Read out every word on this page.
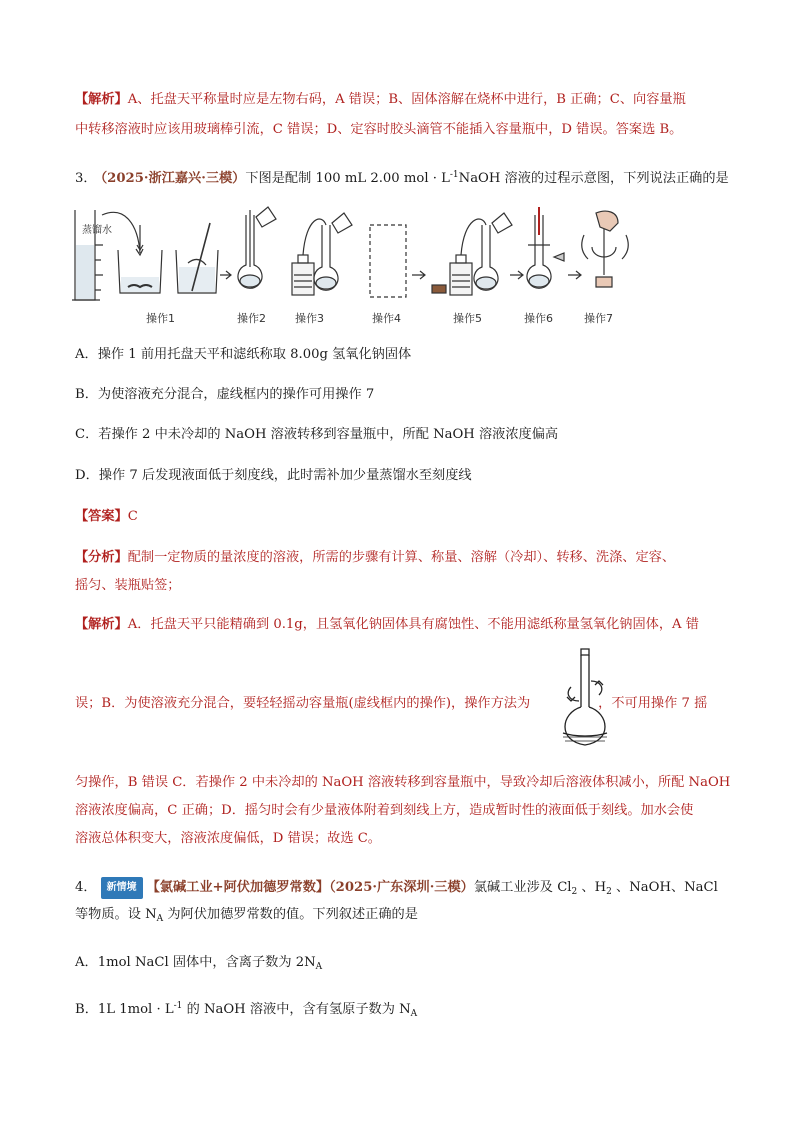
【解析】A、托盘天平称量时应是左物右码，A 错误；B、固体溶解在烧杯中进行，B 正确；C、向容量瓶
中转移溶液时应该用玻璃棒引流，C 错误；D、定容时胶头滴管不能插入容量瓶中，D 错误。答案选 B。
3． （2025·浙江嘉兴·三模）下图是配制 100 mL 2.00 mol · $L^{-1}NaOH$ 溶液的过程示意图，下列说法正确的是
蒸馏水
操作1	操作2	操作3	操作4	操作5	操作6	操作7
A．操作 1 前用托盘天平和滤纸称取 8.00g 氢氧化钠固体
B．为使溶液充分混合，虚线框内的操作可用操作 7
C．若操作 2 中未冷却的 NaOH 溶液转移到容量瓶中，所配 NaOH 溶液浓度偏高
D．操作 7 后发现液面低于刻度线，此时需补加少量蒸馏水至刻度线
【答案】C
【分析】配制一定物质的量浓度的溶液，所需的步骤有计算、称量、溶解（冷却）、转移、洗涤、定容、
摇匀、装瓶贴签；
【解析】A．托盘天平只能精确到 0.1g，且氢氧化钠固体具有腐蚀性、不能用滤纸称量氢氧化钠固体，A 错
误；B．为使溶液充分混合，要轻轻摇动容量瓶(虚线框内的操作)，操作方法为	，不可用操作 7 摇
匀操作，B 错误 C．若操作 2 中未冷却的 NaOH 溶液转移到容量瓶中，导致冷却后溶液体积减小，所配 NaOH
溶液浓度偏高，C 正确；D．摇匀时会有少量液体附着到刻线上方，造成暂时性的液面低于刻线。加水会使
溶液总体积变大，溶液浓度偏低，D 错误；故选 C。
4． 新情境 【氯碱工业+阿伏加德罗常数】（2025·广东深圳·三模）氯碱工业涉及 $Cl_2$ 、$H_2$ 、NaOH、NaCl
等物质。设 $N_A$ 为阿伏加德罗常数的值。下列叙述正确的是
A．1mol NaCl 固体中，含离子数为 $2N_A$
B．1L $1mol \cdot L^{-1}$ 的 NaOH 溶液中，含有氢原子数为 $N_A$
